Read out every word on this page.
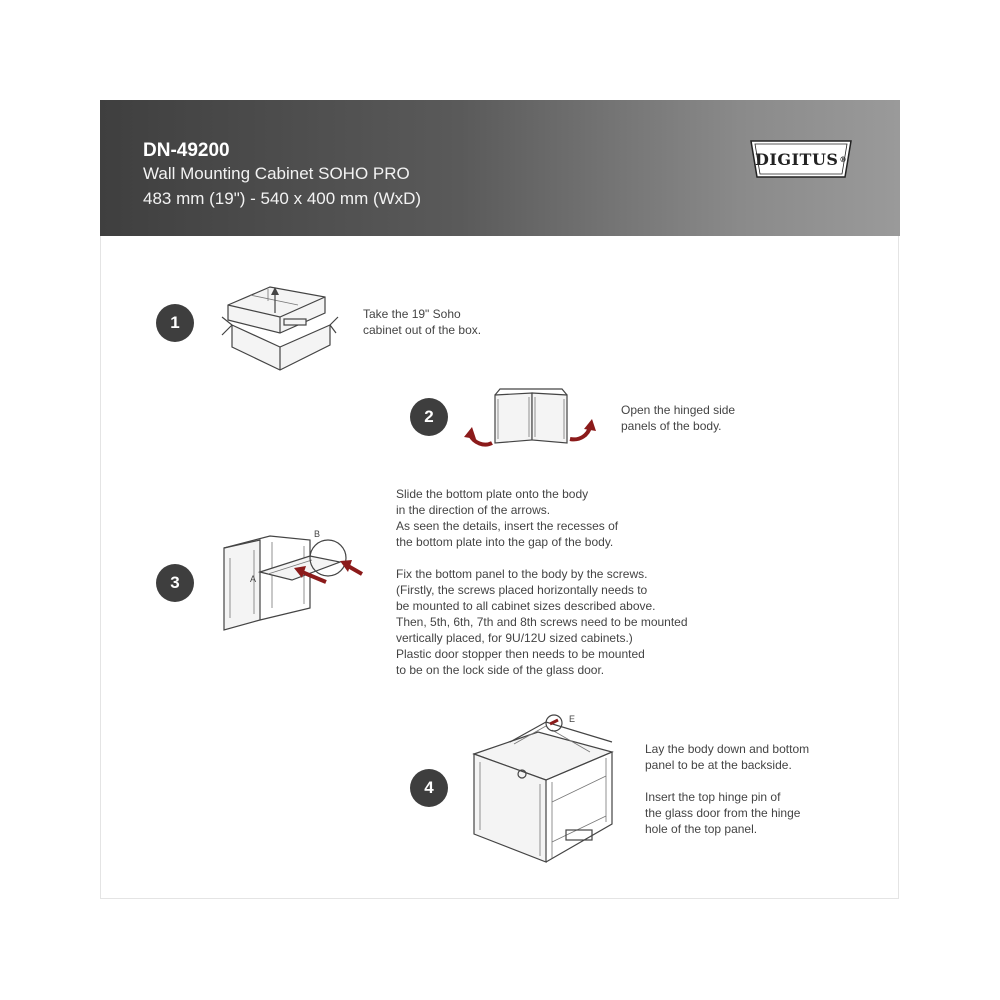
DN-49200
Wall Mounting Cabinet SOHO PRO
483 mm (19") - 540 x 400 mm (WxD)
DIGITUS ®
1	Take the 19" Soho
cabinet out of the box.
2	Open the hinged side
panels of the body.
3
B
A
Slide the bottom plate onto the body
in the direction of the arrows.
As seen the details, insert the recesses of
the bottom plate into the gap of the body.
Fix the bottom panel to the body by the screws.
(Firstly, the screws placed horizontally needs to
be mounted to all cabinet sizes described above.
Then, 5th, 6th, 7th and 8th screws need to be mounted
vertically placed, for 9U/12U sized cabinets.)
Plastic door stopper then needs to be mounted
to be on the lock side of the glass door.
4
E
Lay the body down and bottom
panel to be at the backside.
Insert the top hinge pin of
the glass door from the hinge
hole of the top panel.
